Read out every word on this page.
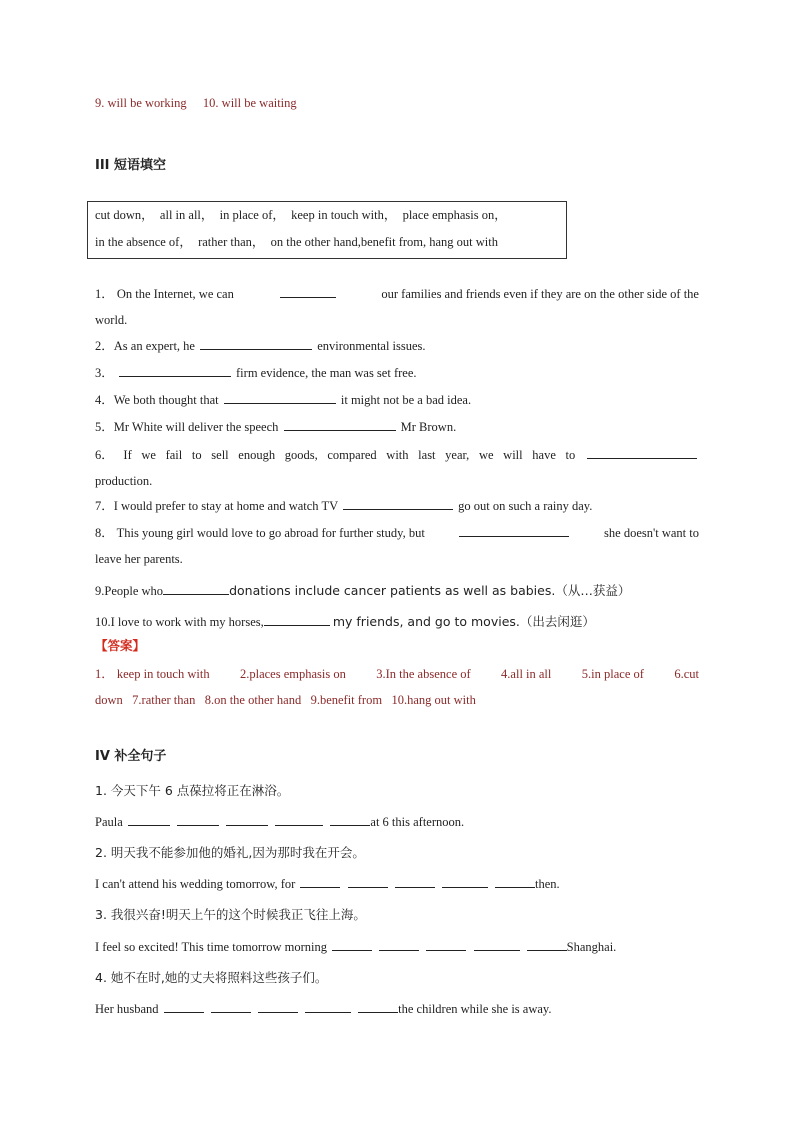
9. will be working 10. will be waiting
III 短语填空
cut down，  all in all，  in place of，  keep in touch with，  place emphasis on，
in the absence of，  rather than，  on the other hand,benefit from, hang out with
1． On the Internet, we can	our families and friends even if they are on the other side of the
world.
2．As an expert, he	environmental issues.
3．	firm evidence, the man was set free.
4．We both thought that	it might not be a bad idea.
5．Mr White will deliver the speech	Mr Brown.
6． If we fail to sell enough goods, compared with last year, we will have to
production.
7．I would prefer to stay at home and watch TV	go out on such a rainy day.
8． This young girl would love to go abroad for further study, but	she doesn't want to
leave her parents.
9.People who	donations include cancer patients as well as babies.（从…获益）
10.I love to work with my horses,	my friends, and go to movies.（出去闲逛）
【答案】
1． keep in touch with 2.places emphasis on 3.In the absence of 4.all in all 5.in place of 6.cut
down   7.rather than   8.on the other hand   9.benefit from   10.hang out with
IV 补全句子
1. 今天下午 6 点葆拉将正在淋浴。
Paula	at 6 this afternoon.
2. 明天我不能参加他的婚礼,因为那时我在开会。
I can't attend his wedding tomorrow, for	then.
3. 我很兴奋!明天上午的这个时候我正飞往上海。
I feel so excited! This time tomorrow morning	Shanghai.
4. 她不在时,她的丈夫将照料这些孩子们。
Her husband	the children while she is away.
